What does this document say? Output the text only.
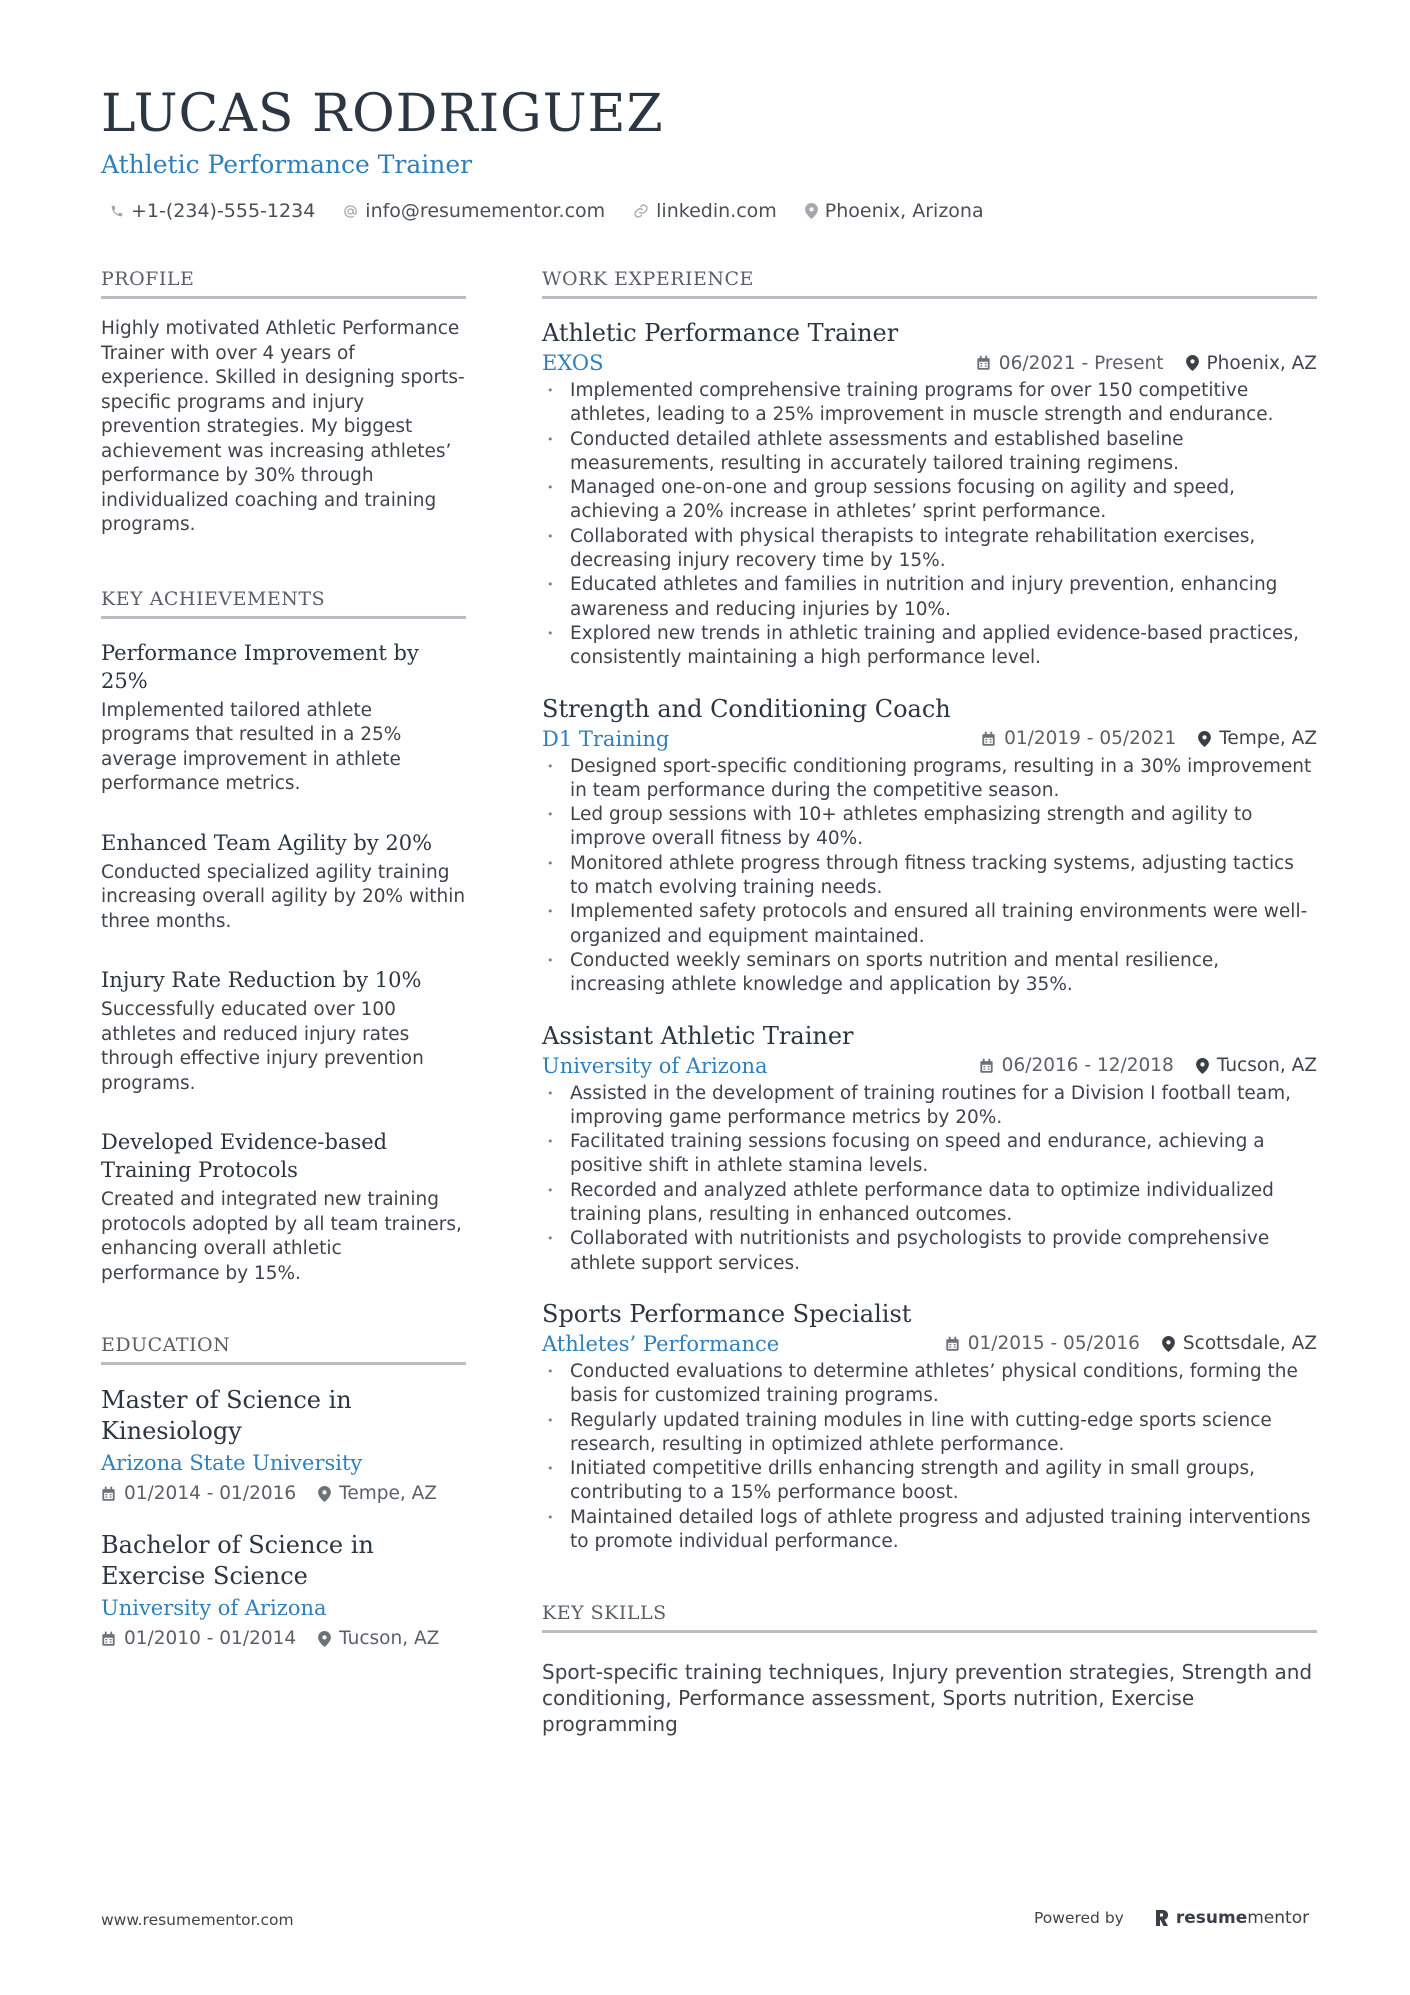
LUCAS RODRIGUEZ
Athletic Performance Trainer
+1-(234)-555-1234	info@resumementor.com	linkedin.com	Phoenix, Arizona
PROFILE

Highly motivated Athletic Performance Trainer with over 4 years of experience. Skilled in designing sports-specific programs and injury prevention strategies. My biggest achievement was increasing athletes’ performance by 30% through individualized coaching and training programs.

KEY ACHIEVEMENTS
Performance Improvement by 25%

Implemented tailored athlete programs that resulted in a 25% average improvement in athlete performance metrics.

Enhanced Team Agility by 20%

Conducted specialized agility training increasing overall agility by 20% within three months.

Injury Rate Reduction by 10%

Successfully educated over 100 athletes and reduced injury rates through effective injury prevention programs.

Developed Evidence-based Training Protocols

Created and integrated new training protocols adopted by all team trainers, enhancing overall athletic performance by 15%.

EDUCATION
Master of Science in Kinesiology
Arizona State University
01/2014 - 01/2016 Tempe, AZ
Bachelor of Science in Exercise Science
University of Arizona
01/2010 - 01/2014 Tucson, AZ
WORK EXPERIENCE
Athletic Performance Trainer
EXOS	06/2021 - Present Phoenix, AZ
• Implemented comprehensive training programs for over 150 competitive athletes, leading to a 25% improvement in muscle strength and endurance.
• Conducted detailed athlete assessments and established baseline measurements, resulting in accurately tailored training regimens.
• Managed one-on-one and group sessions focusing on agility and speed, achieving a 20% increase in athletes’ sprint performance.
• Collaborated with physical therapists to integrate rehabilitation exercises, decreasing injury recovery time by 15%.
• Educated athletes and families in nutrition and injury prevention, enhancing awareness and reducing injuries by 10%.
• Explored new trends in athletic training and applied evidence-based practices, consistently maintaining a high performance level.
Strength and Conditioning Coach
D1 Training	01/2019 - 05/2021 Tempe, AZ
• Designed sport-specific conditioning programs, resulting in a 30% improvement in team performance during the competitive season.
• Led group sessions with 10+ athletes emphasizing strength and agility to improve overall fitness by 40%.
• Monitored athlete progress through fitness tracking systems, adjusting tactics to match evolving training needs.
• Implemented safety protocols and ensured all training environments were well-organized and equipment maintained.
• Conducted weekly seminars on sports nutrition and mental resilience, increasing athlete knowledge and application by 35%.
Assistant Athletic Trainer
University of Arizona	06/2016 - 12/2018 Tucson, AZ
• Assisted in the development of training routines for a Division I football team, improving game performance metrics by 20%.
• Facilitated training sessions focusing on speed and endurance, achieving a positive shift in athlete stamina levels.
• Recorded and analyzed athlete performance data to optimize individualized training plans, resulting in enhanced outcomes.
• Collaborated with nutritionists and psychologists to provide comprehensive athlete support services.
Sports Performance Specialist
Athletes’ Performance	01/2015 - 05/2016 Scottsdale, AZ
• Conducted evaluations to determine athletes’ physical conditions, forming the basis for customized training programs.
• Regularly updated training modules in line with cutting-edge sports science research, resulting in optimized athlete performance.
• Initiated competitive drills enhancing strength and agility in small groups, contributing to a 15% performance boost.
• Maintained detailed logs of athlete progress and adjusted training interventions to promote individual performance.
KEY SKILLS

Sport-specific training techniques, Injury prevention strategies, Strength and conditioning, Performance assessment, Sports nutrition, Exercise programming

www.resumementor.com	Powered by	resume mentor
